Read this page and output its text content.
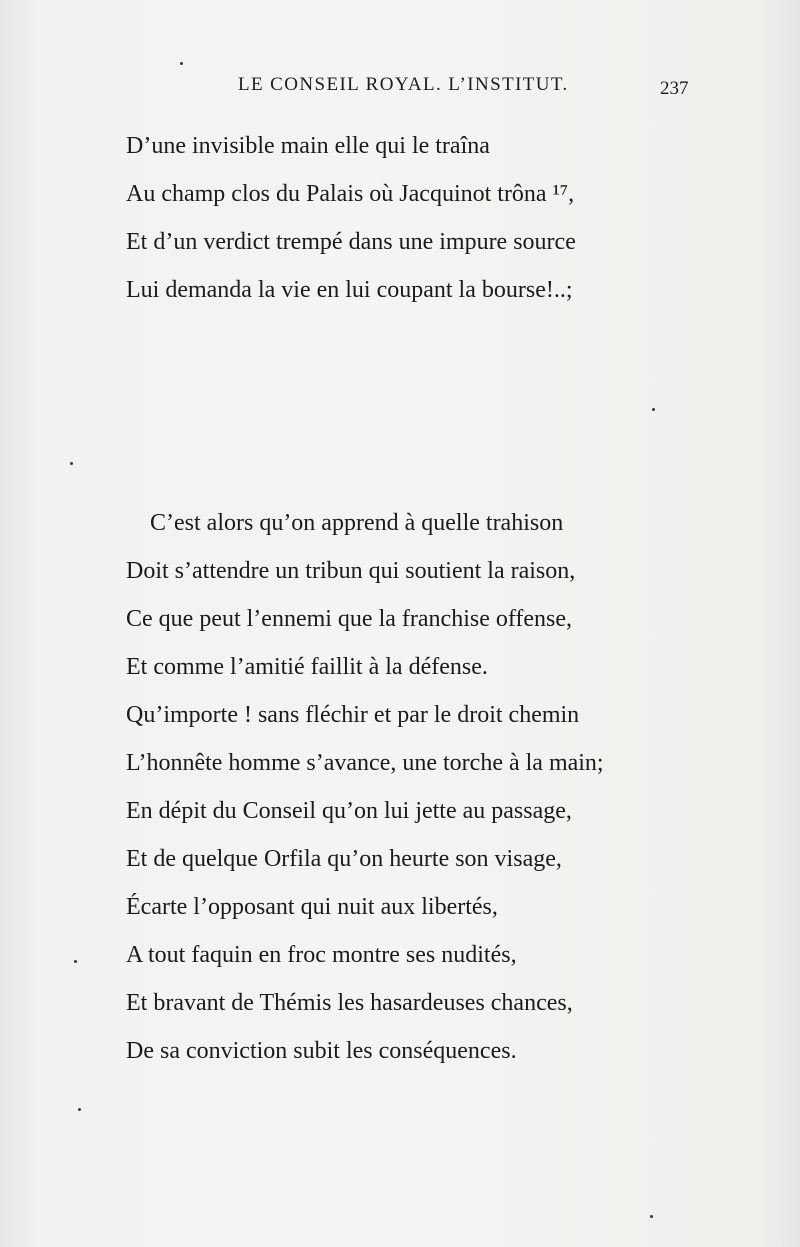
LE CONSEIL ROYAL. L’INSTITUT.	237
D’une invisible main elle qui le traîna
Au champ clos du Palais où Jacquinot trôna ¹⁷,
Et d’un verdict trempé dans une impure source
Lui demanda la vie en lui coupant la bourse!..;
C’est alors qu’on apprend à quelle trahison
Doit s’attendre un tribun qui soutient la raison,
Ce que peut l’ennemi que la franchise offense,
Et comme l’amitié faillit à la défense.
Qu’importe ! sans fléchir et par le droit chemin
L’honnête homme s’avance, une torche à la main;
En dépit du Conseil qu’on lui jette au passage,
Et de quelque Orfila qu’on heurte son visage,
Écarte l’opposant qui nuit aux libertés,
A tout faquin en froc montre ses nudités,
Et bravant de Thémis les hasardeuses chances,
De sa conviction subit les conséquences.
